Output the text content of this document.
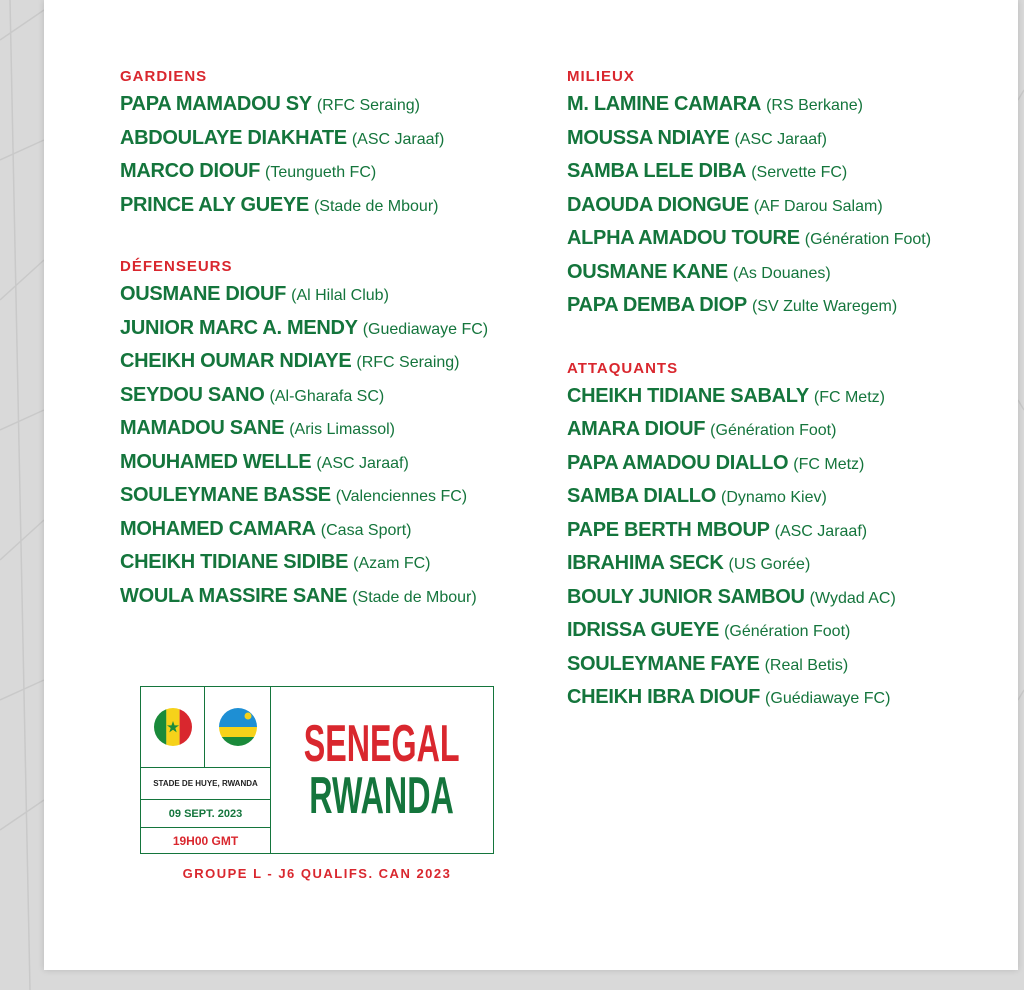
GARDIENS
PAPA MAMADOU SY (RFC Seraing)
ABDOULAYE DIAKHATE (ASC Jaraaf)
MARCO DIOUF (Teungueth FC)
PRINCE ALY GUEYE (Stade de Mbour)
DÉFENSEURS
OUSMANE DIOUF (Al Hilal Club)
JUNIOR MARC A. MENDY (Guediawaye FC)
CHEIKH OUMAR NDIAYE (RFC Seraing)
SEYDOU SANO (Al-Gharafa SC)
MAMADOU SANE (Aris Limassol)
MOUHAMED WELLE (ASC Jaraaf)
SOULEYMANE BASSE (Valenciennes FC)
MOHAMED CAMARA (Casa Sport)
CHEIKH TIDIANE SIDIBE (Azam FC)
WOULA MASSIRE SANE (Stade de Mbour)
MILIEUX
M. LAMINE CAMARA (RS Berkane)
MOUSSA NDIAYE (ASC Jaraaf)
SAMBA LELE DIBA (Servette FC)
DAOUDA DIONGUE (AF Darou Salam)
ALPHA AMADOU TOURE (Génération Foot)
OUSMANE KANE (As Douanes)
PAPA DEMBA DIOP (SV Zulte Waregem)
ATTAQUANTS
CHEIKH TIDIANE SABALY (FC Metz)
AMARA DIOUF (Génération Foot)
PAPA AMADOU DIALLO (FC Metz)
SAMBA DIALLO (Dynamo Kiev)
PAPE BERTH MBOUP (ASC Jaraaf)
IBRAHIMA SECK (US Gorée)
BOULY JUNIOR SAMBOU (Wydad AC)
IDRISSA GUEYE (Génération Foot)
SOULEYMANE FAYE (Real Betis)
CHEIKH IBRA DIOUF (Guédiawaye FC)
STADE DE HUYE, RWANDA
09 SEPT. 2023
19H00 GMT
SENEGAL
RWANDA
GROUPE L - J6 QUALIFS. CAN 2023
